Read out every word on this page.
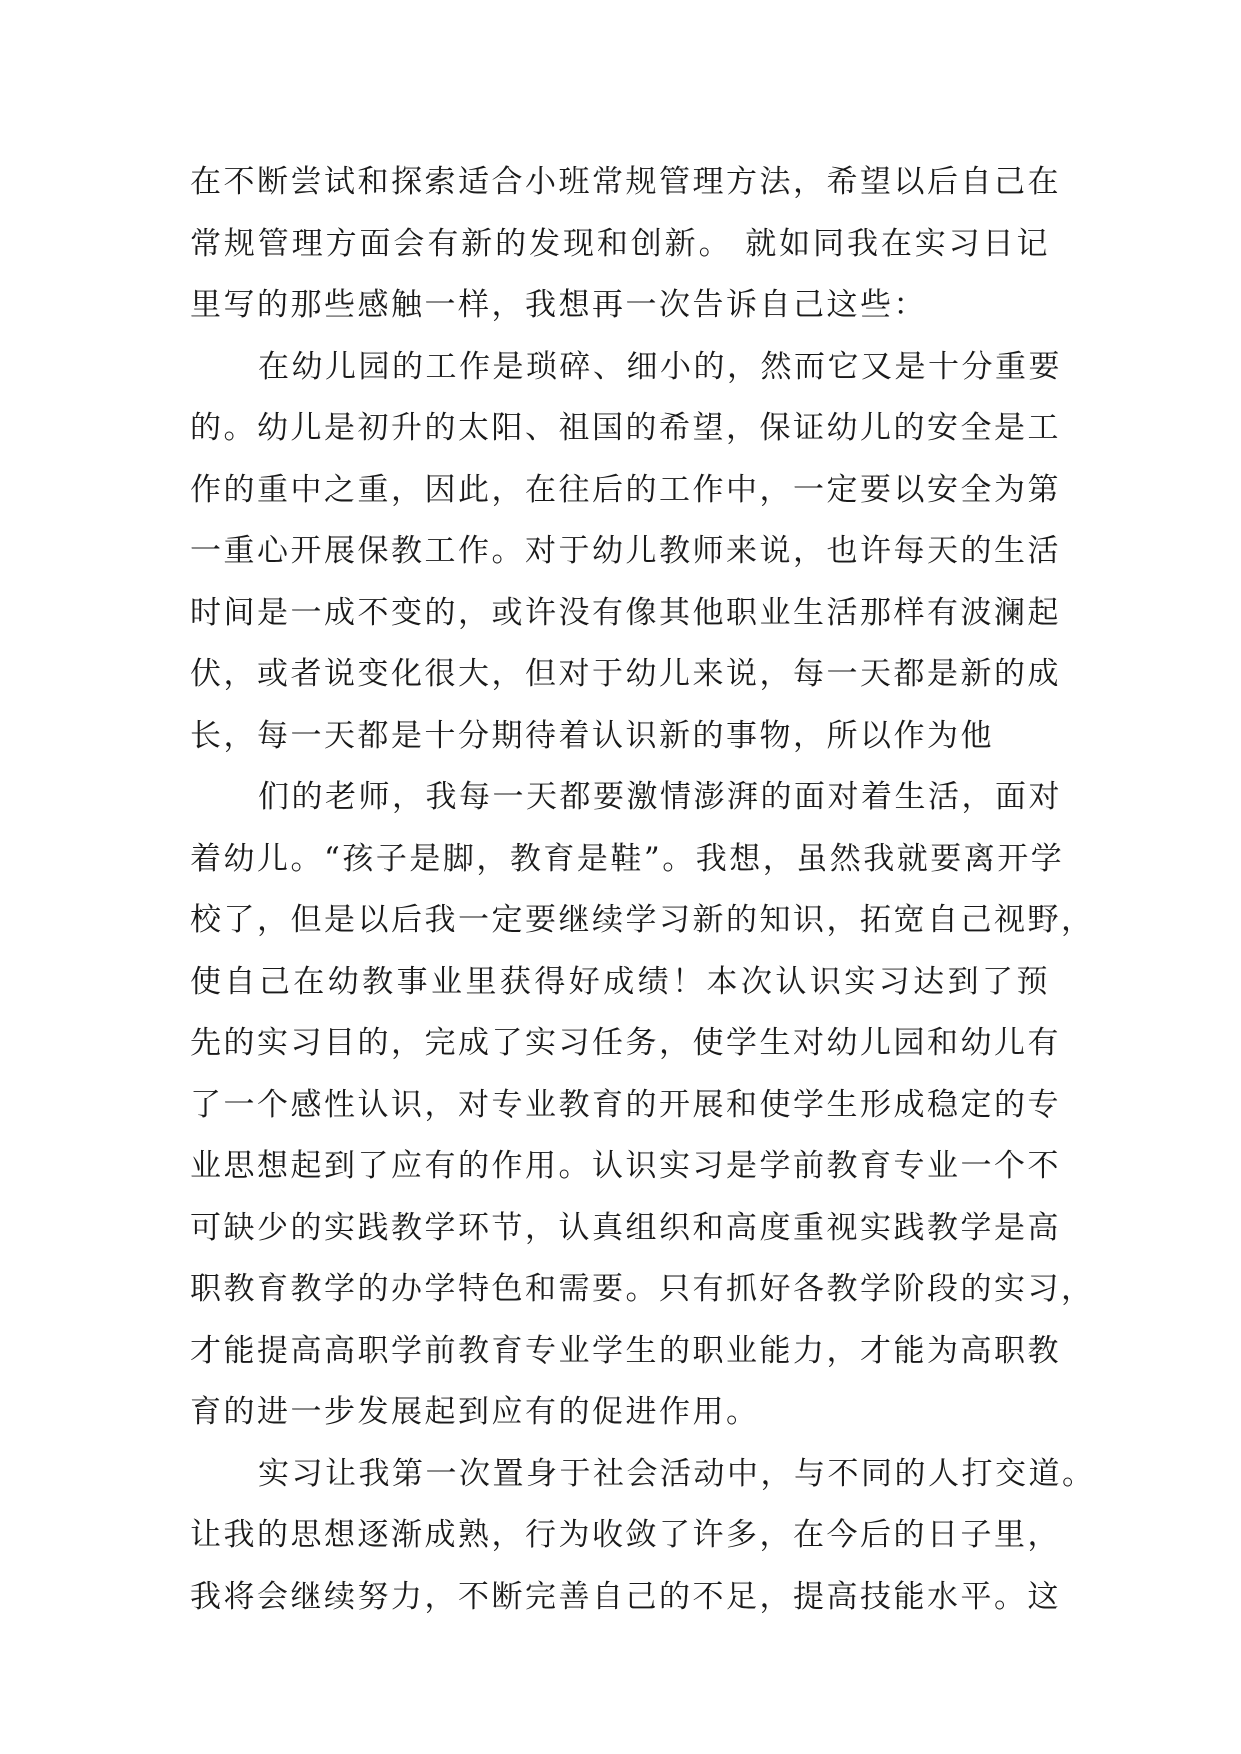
在不断尝试和探索适合小班常规管理方法，希望以后自己在
常规管理方面会有新的发现和创新。 就如同我在实习日记
里写的那些感触一样，我想再一次告诉自己这些：
在幼儿园的工作是琐碎、细小的，然而它又是十分重要
的。幼儿是初升的太阳、祖国的希望，保证幼儿的安全是工
作的重中之重，因此，在往后的工作中，一定要以安全为第
一重心开展保教工作。对于幼儿教师来说，也许每天的生活
时间是一成不变的，或许没有像其他职业生活那样有波澜起
伏，或者说变化很大，但对于幼儿来说，每一天都是新的成
长，每一天都是十分期待着认识新的事物，所以作为他
们的老师，我每一天都要激情澎湃的面对着生活，面对
着幼儿。“孩子是脚，教育是鞋”。我想，虽然我就要离开学
校了，但是以后我一定要继续学习新的知识，拓宽自己视野，
使自己在幼教事业里获得好成绩！本次认识实习达到了预
先的实习目的，完成了实习任务，使学生对幼儿园和幼儿有
了一个感性认识，对专业教育的开展和使学生形成稳定的专
业思想起到了应有的作用。认识实习是学前教育专业一个不
可缺少的实践教学环节，认真组织和高度重视实践教学是高
职教育教学的办学特色和需要。只有抓好各教学阶段的实习，
才能提高高职学前教育专业学生的职业能力，才能为高职教
育的进一步发展起到应有的促进作用。
实习让我第一次置身于社会活动中，与不同的人打交道。
让我的思想逐渐成熟，行为收敛了许多，在今后的日子里，
我将会继续努力，不断完善自己的不足，提高技能水平。这
